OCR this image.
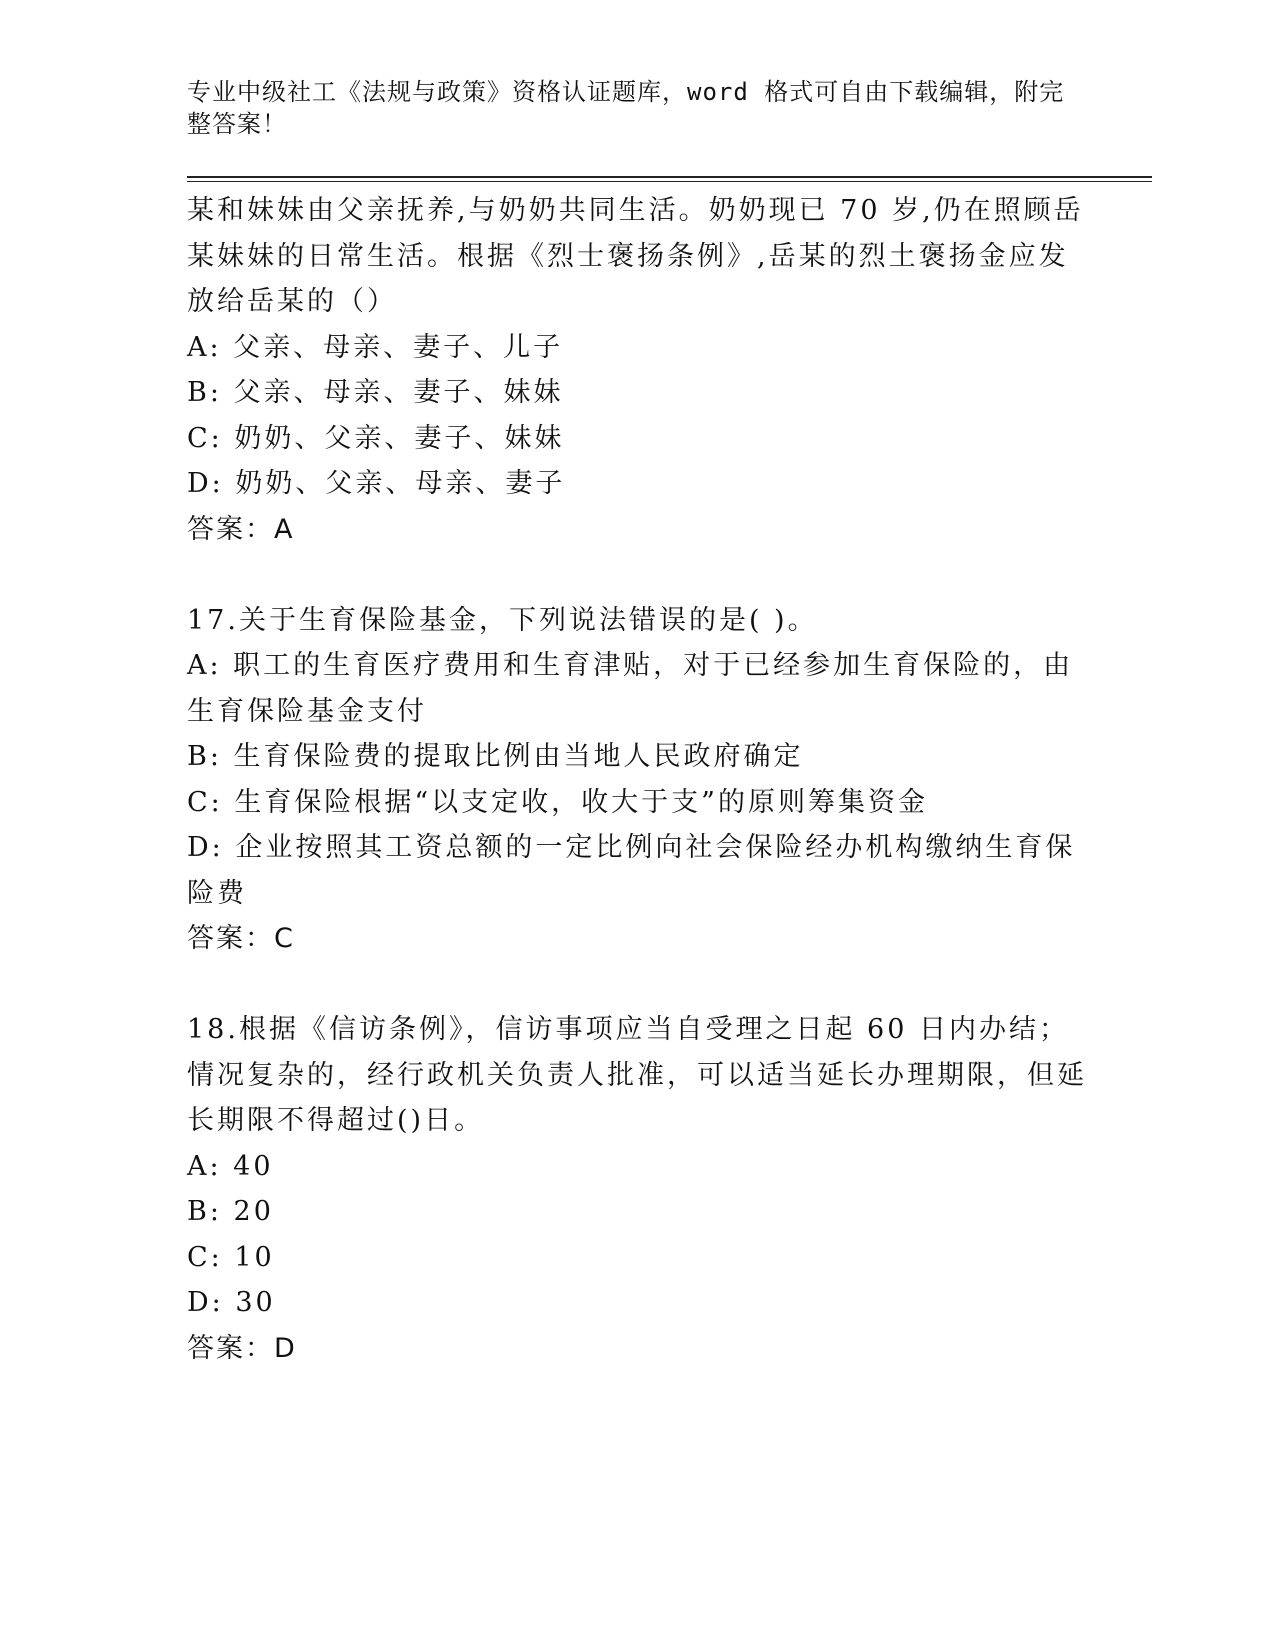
专业中级社工《法规与政策》资格认证题库，word 格式可自由下载编辑，附完整答案！
某和妹妹由父亲抚养,与奶奶共同生活。奶奶现已 70 岁,仍在照顾岳某妹妹的日常生活。根据《烈士褒扬条例》,岳某的烈土褒扬金应发放给岳某的（）
A: 父亲、母亲、妻子、儿子
B: 父亲、母亲、妻子、妹妹
C: 奶奶、父亲、妻子、妹妹
D: 奶奶、父亲、母亲、妻子
答案：A
17.关于生育保险基金，下列说法错误的是( )。
A: 职工的生育医疗费用和生育津贴，对于已经参加生育保险的，由生育保险基金支付
B: 生育保险费的提取比例由当地人民政府确定
C: 生育保险根据“以支定收，收大于支”的原则筹集资金
D: 企业按照其工资总额的一定比例向社会保险经办机构缴纳生育保险费
答案：C
18.根据《信访条例》，信访事项应当自受理之日起 60 日内办结；情况复杂的，经行政机关负责人批准，可以适当延长办理期限，但延长期限不得超过()日。
A: 40
B: 20
C: 10
D: 30
答案：D
